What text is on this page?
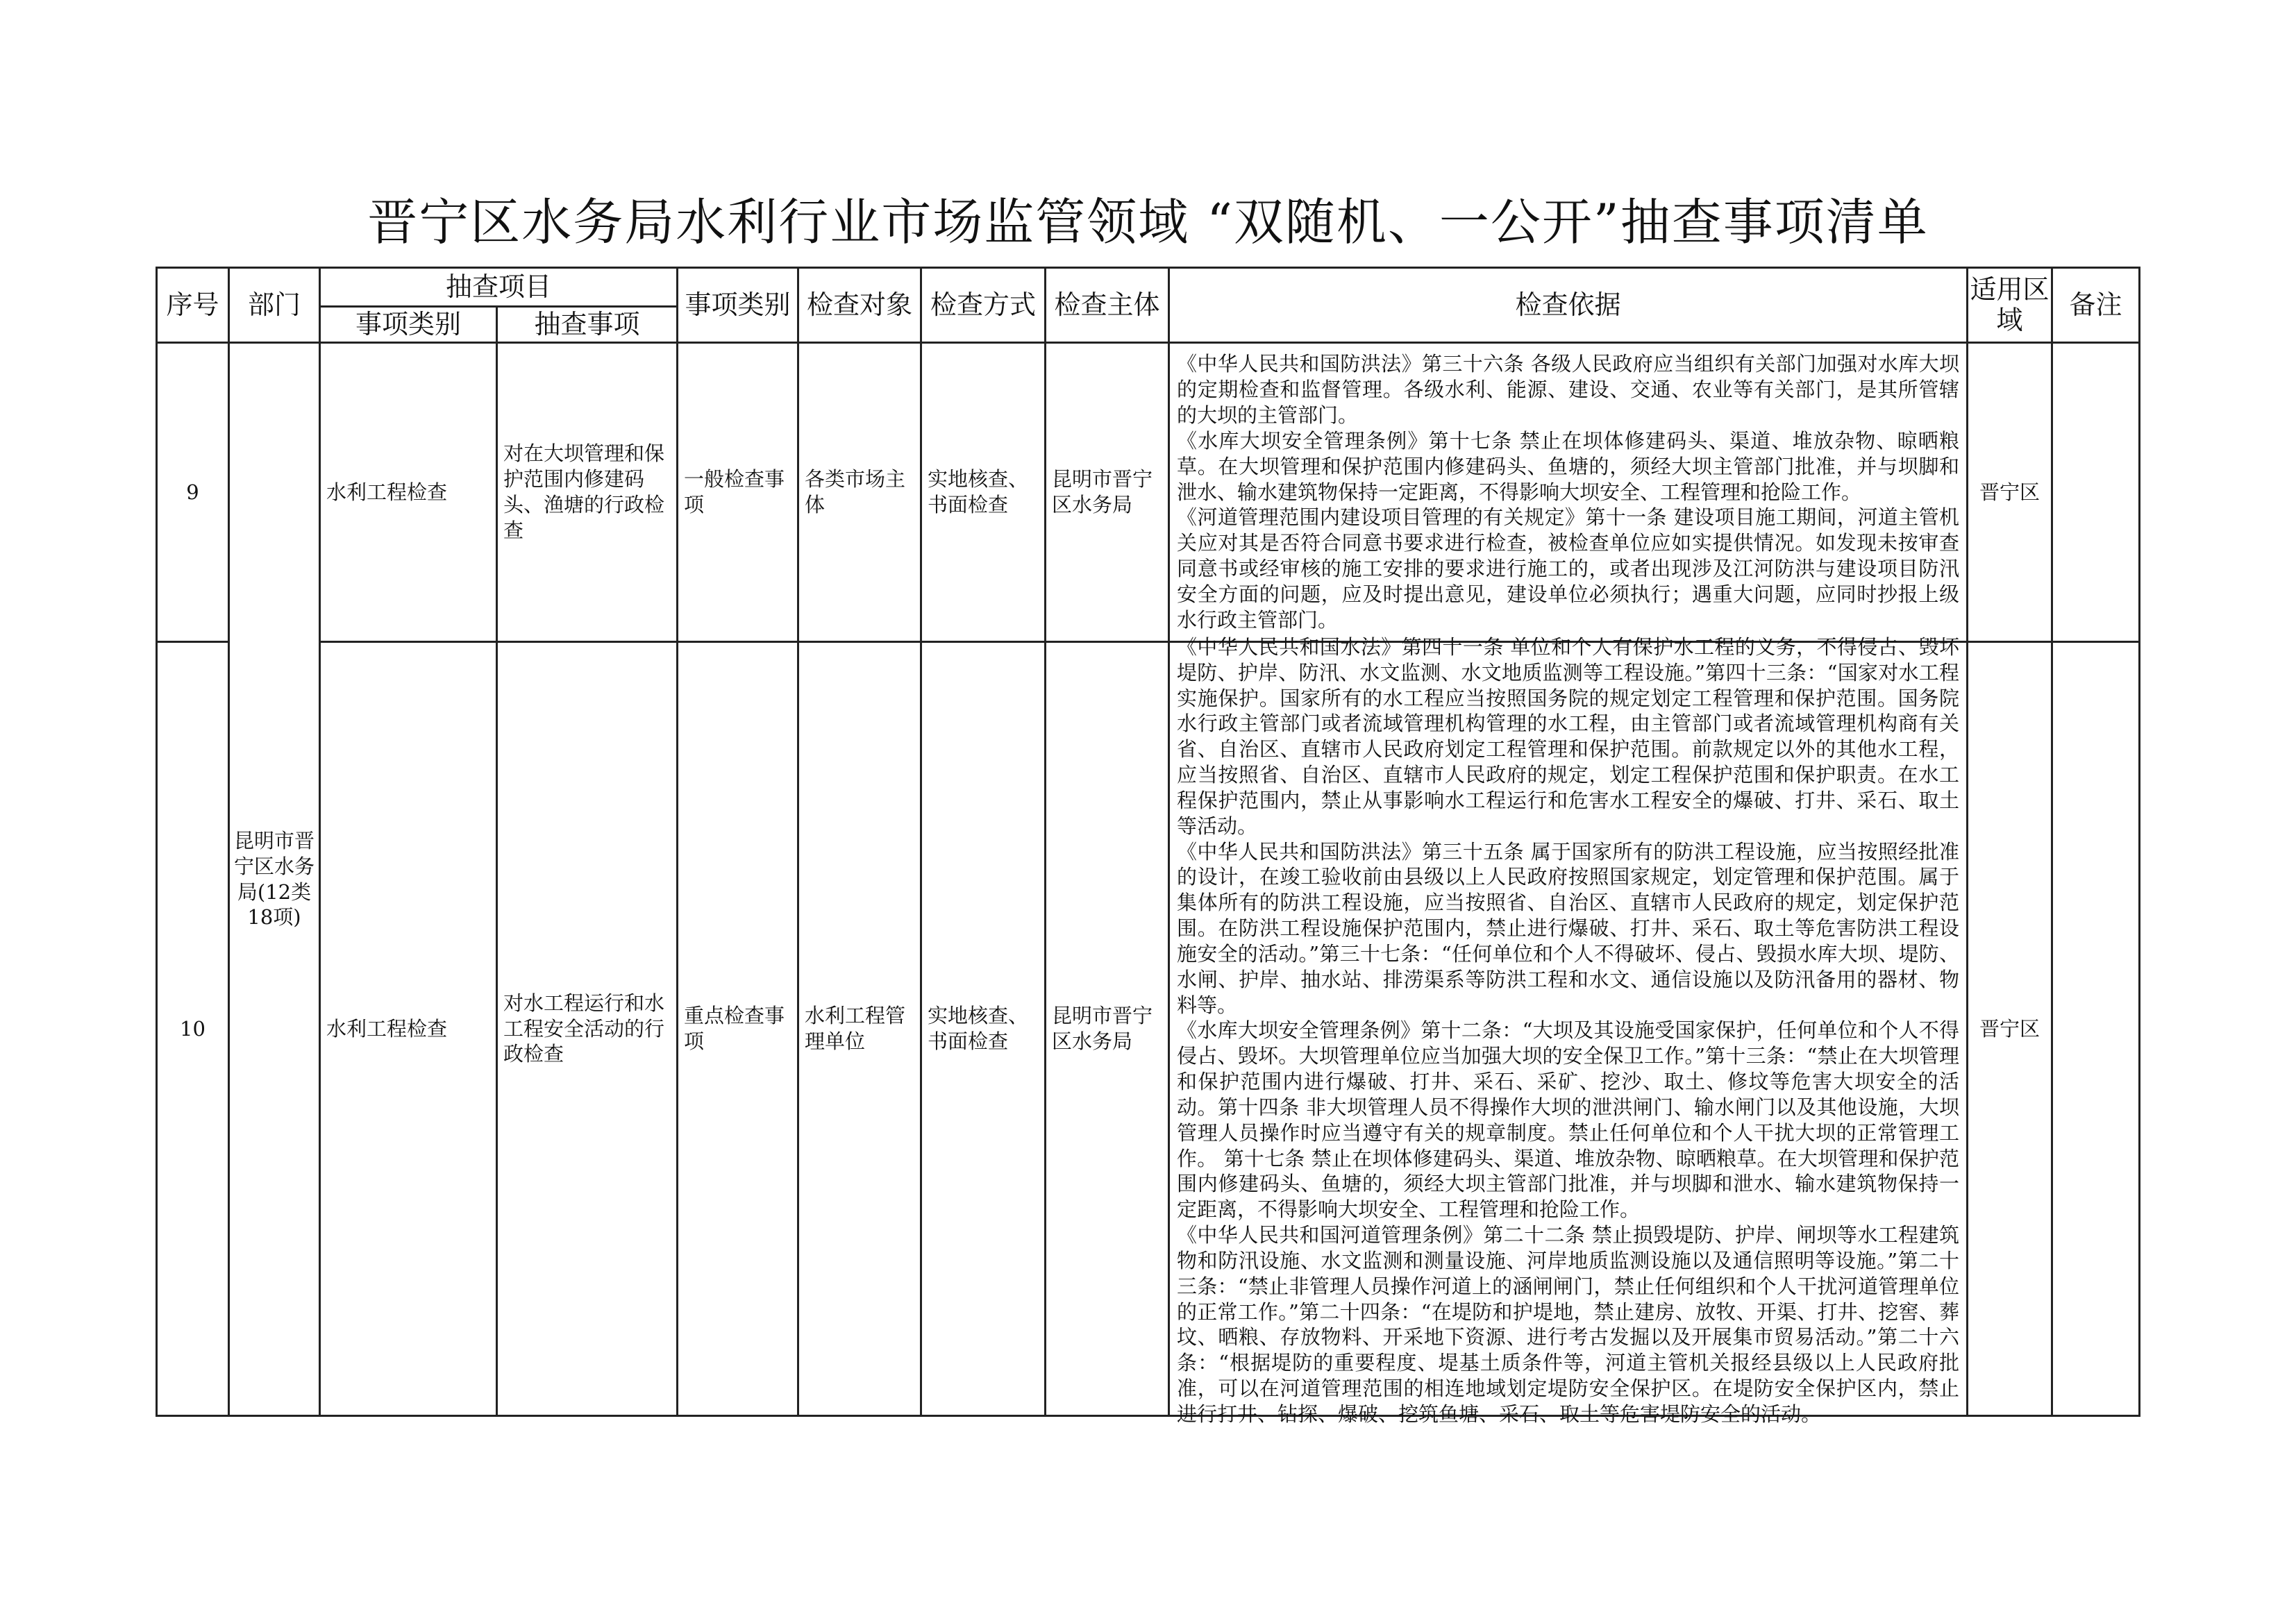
晋宁区水务局水利行业市场监管领域 “双随机、一公开”抽查事项清单
序号	部门	抽查项目		事项类别	检查对象	检查方式	检查主体	检查依据	适用区域	备注
		事项类别	抽查事项							
9	昆明市晋宁区水务局(12类18项)	水利工程检查	对在大坝管理和保护范围内修建码头、渔塘的行政检查	一般检查事项	各类市场主体	实地核查、书面检查	昆明市晋宁区水务局	《中华人民共和国防洪法》第三十六条 各级人民政府应当组织有关部门加强对水库大坝的定期检查和监督管理。各级水利、能源、建设、交通、农业等有关部门，是其所管辖的大坝的主管部门。

《水库大坝安全管理条例》第十七条 禁止在坝体修建码头、渠道、堆放杂物、晾晒粮草。在大坝管理和保护范围内修建码头、鱼塘的，须经大坝主管部门批准，并与坝脚和泄水、输水建筑物保持一定距离，不得影响大坝安全、工程管理和抢险工作。

《河道管理范围内建设项目管理的有关规定》第十一条 建设项目施工期间，河道主管机关应对其是否符合同意书要求进行检查，被检查单位应如实提供情况。如发现未按审查同意书或经审核的施工安排的要求进行施工的，或者出现涉及江河防洪与建设项目防汛安全方面的问题，应及时提出意见，建设单位必须执行；遇重大问题，应同时抄报上级水行政主管部门。	晋宁区	
10		水利工程检查	对水工程运行和水工程安全活动的行政检查	重点检查事项	水利工程管理单位	实地核查、书面检查	昆明市晋宁区水务局	《中华人民共和国水法》第四十一条 单位和个人有保护水工程的义务，不得侵占、毁坏堤防、护岸、防汛、水文监测、水文地质监测等工程设施。”第四十三条：“国家对水工程实施保护。国家所有的水工程应当按照国务院的规定划定工程管理和保护范围。国务院水行政主管部门或者流域管理机构管理的水工程，由主管部门或者流域管理机构商有关省、自治区、直辖市人民政府划定工程管理和保护范围。前款规定以外的其他水工程，应当按照省、自治区、直辖市人民政府的规定，划定工程保护范围和保护职责。在水工程保护范围内，禁止从事影响水工程运行和危害水工程安全的爆破、打井、采石、取土等活动。

《中华人民共和国防洪法》第三十五条 属于国家所有的防洪工程设施，应当按照经批准的设计，在竣工验收前由县级以上人民政府按照国家规定，划定管理和保护范围。属于集体所有的防洪工程设施，应当按照省、自治区、直辖市人民政府的规定，划定保护范围。在防洪工程设施保护范围内，禁止进行爆破、打井、采石、取土等危害防洪工程设施安全的活动。”第三十七条：“任何单位和个人不得破坏、侵占、毁损水库大坝、堤防、水闸、护岸、抽水站、排涝渠系等防洪工程和水文、通信设施以及防汛备用的器材、物料等。

《水库大坝安全管理条例》第十二条：“大坝及其设施受国家保护，任何单位和个人不得侵占、毁坏。大坝管理单位应当加强大坝的安全保卫工作。”第十三条：“禁止在大坝管理和保护范围内进行爆破、打井、采石、采矿、挖沙、取土、修坟等危害大坝安全的活动。第十四条 非大坝管理人员不得操作大坝的泄洪闸门、输水闸门以及其他设施，大坝管理人员操作时应当遵守有关的规章制度。禁止任何单位和个人干扰大坝的正常管理工作。 第十七条 禁止在坝体修建码头、渠道、堆放杂物、晾晒粮草。在大坝管理和保护范围内修建码头、鱼塘的，须经大坝主管部门批准，并与坝脚和泄水、输水建筑物保持一定距离，不得影响大坝安全、工程管理和抢险工作。

《中华人民共和国河道管理条例》第二十二条 禁止损毁堤防、护岸、闸坝等水工程建筑物和防汛设施、水文监测和测量设施、河岸地质监测设施以及通信照明等设施。”第二十三条：“禁止非管理人员操作河道上的涵闸闸门，禁止任何组织和个人干扰河道管理单位的正常工作。”第二十四条：“在堤防和护堤地，禁止建房、放牧、开渠、打井、挖窖、葬坟、晒粮、存放物料、开采地下资源、进行考古发掘以及开展集市贸易活动。”第二十六条：“根据堤防的重要程度、堤基土质条件等，河道主管机关报经县级以上人民政府批准，可以在河道管理范围的相连地域划定堤防安全保护区。在堤防安全保护区内，禁止进行打井、钻探、爆破、挖筑鱼塘、采石、取土等危害堤防安全的活动。	晋宁区	
